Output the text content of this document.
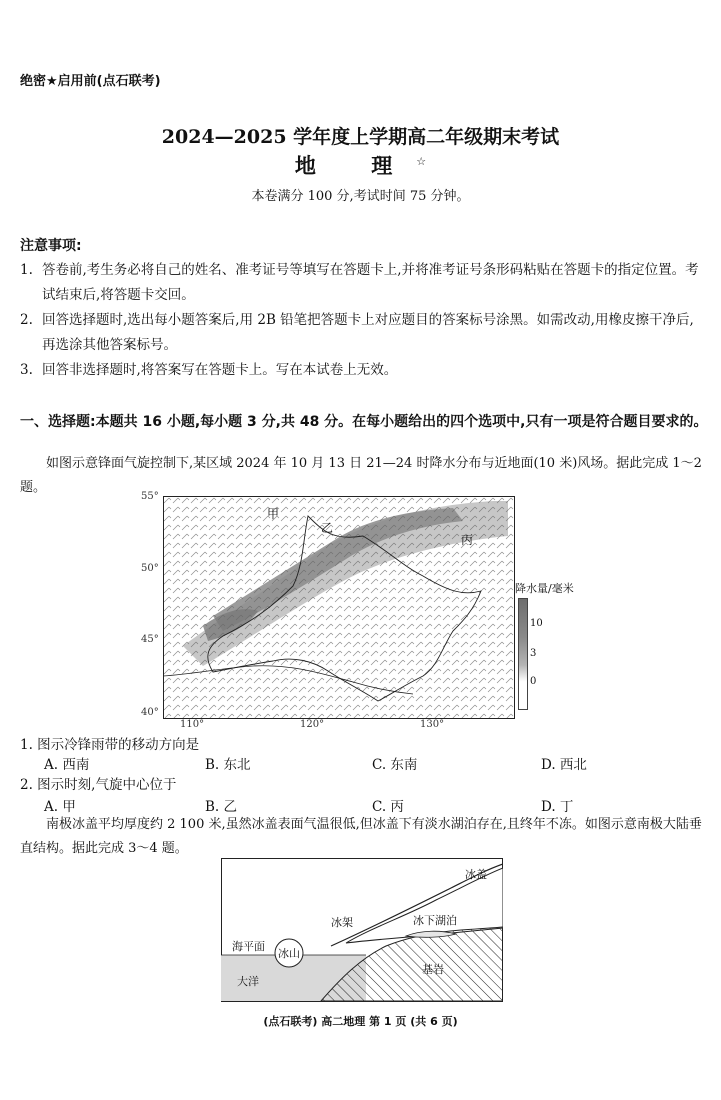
绝密★启用前(点石联考)
2024—2025 学年度上学期高二年级期末考试
地 理☆
本卷满分 100 分,考试时间 75 分钟。
注意事项:
1. 答卷前,考生务必将自己的姓名、准考证号等填写在答题卡上,并将准考证号条形码粘贴在答题卡的指定位置。考试结束后,将答题卡交回。
2. 回答选择题时,选出每小题答案后,用 2B 铅笔把答题卡上对应题目的答案标号涂黑。如需改动,用橡皮擦干净后,再选涂其他答案标号。
3. 回答非选择题时,将答案写在答题卡上。写在本试卷上无效。
一、选择题:本题共 16 小题,每小题 3 分,共 48 分。在每小题给出的四个选项中,只有一项是符合题目要求的。
如图示意锋面气旋控制下,某区域 2024 年 10 月 13 日 21—24 时降水分布与近地面(10 米)风场。据此完成 1～2 题。
甲
乙
丙
55°
50°
45°
40°
110°	120°	130°
降水量/毫米
10
3
0
1. 图示冷锋雨带的移动方向是
A. 西南	B. 东北	C. 东南	D. 西北
2. 图示时刻,气旋中心位于
A. 甲	B. 乙	C. 丙	D. 丁
南极冰盖平均厚度约 2 100 米,虽然冰盖表面气温很低,但冰盖下有淡水湖泊存在,且终年不冻。如图示意南极大陆垂直结构。据此完成 3～4 题。
冰盖
冰架	冰下湖泊
海平面
冰山
大洋
基岩
(点石联考) 高二地理 第 1 页 (共 6 页)
